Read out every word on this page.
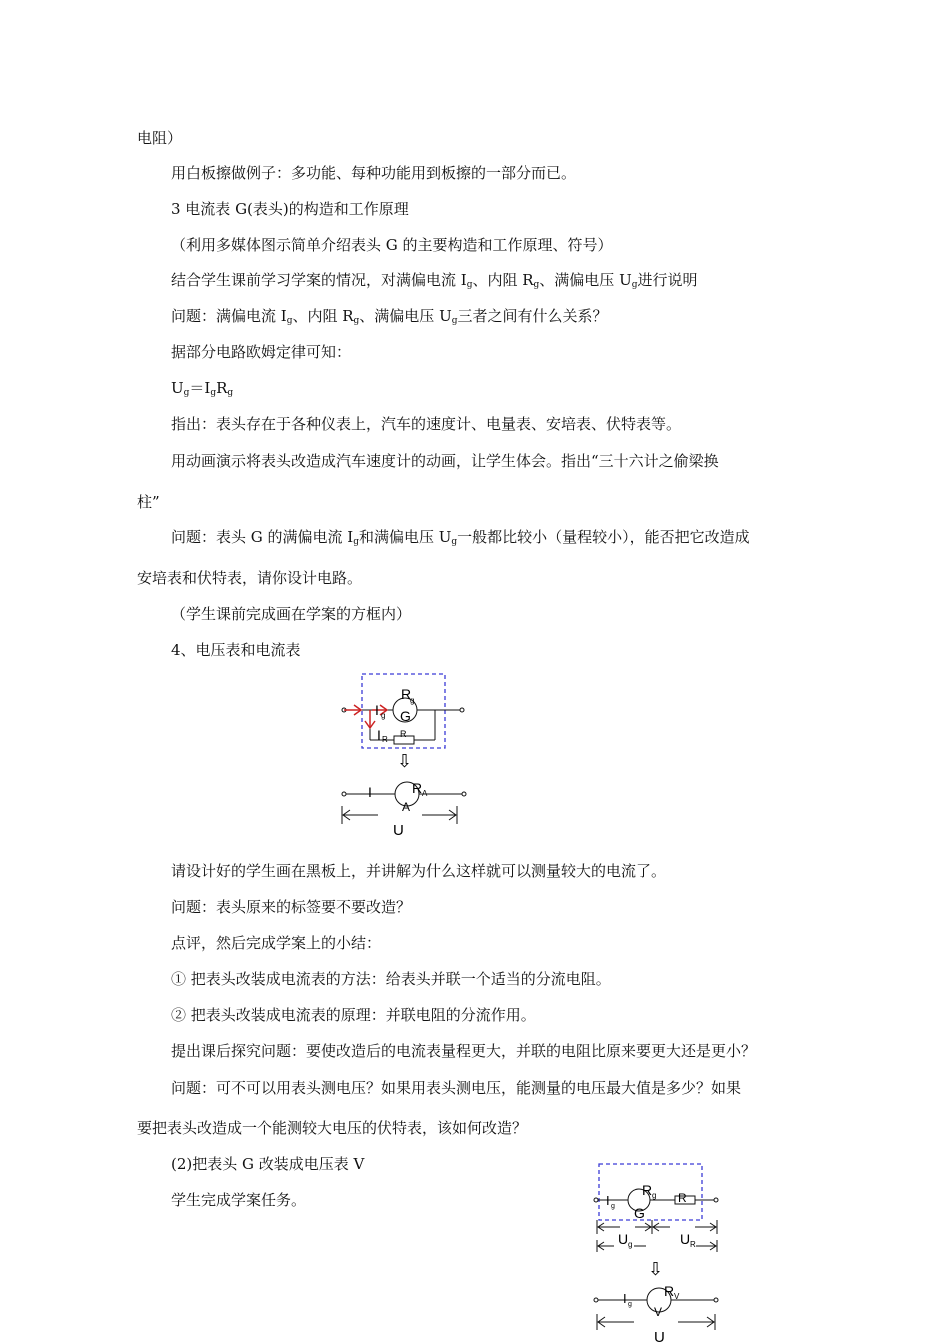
电阻）
用白板擦做例子：多功能、每种功能用到板擦的一部分而已。
3 电流表 G(表头)的构造和工作原理
（利用多媒体图示简单介绍表头 G 的主要构造和工作原理、符号）
结合学生课前学习学案的情况，对满偏电流 $I_g$、内阻 $R_g$、满偏电压 $U_g$进行说明
问题：满偏电流 $I_g$、内阻 $R_g$、满偏电压 $U_g$三者之间有什么关系？
据部分电路欧姆定律可知：
$U_g=I_gR_g$
指出：表头存在于各种仪表上，汽车的速度计、电量表、安培表、伏特表等。
用动画演示将表头改造成汽车速度计的动画，让学生体会。指出“三十六计之偷梁换
柱”
问题：表头 G 的满偏电流 $I_g$和满偏电压 $U_g$一般都比较小（量程较小），能否把它改造成
安培表和伏特表，请你设计电路。
（学生课前完成画在学案的方框内）
4、电压表和电流表
I g
R
g
G
I R
R
⇩
I	R A
A
U
请设计好的学生画在黑板上，并讲解为什么这样就可以测量较大的电流了。
问题：表头原来的标签要不要改造？
点评，然后完成学案上的小结：
① 把表头改装成电流表的方法：给表头并联一个适当的分流电阻。
② 把表头改装成电流表的原理：并联电阻的分流作用。
提出课后探究问题：要使改造后的电流表量程更大，并联的电阻比原来要更大还是更小？
问题：可不可以用表头测电压？如果用表头测电压，能测量的电压最大值是多少？如果
要把表头改造成一个能测较大电压的伏特表，该如何改造？
(2)把表头 G 改装成电压表 V
学生完成学案任务。	I g
R g
G
R
U g	U R
⇩
I g
R V
V
U
